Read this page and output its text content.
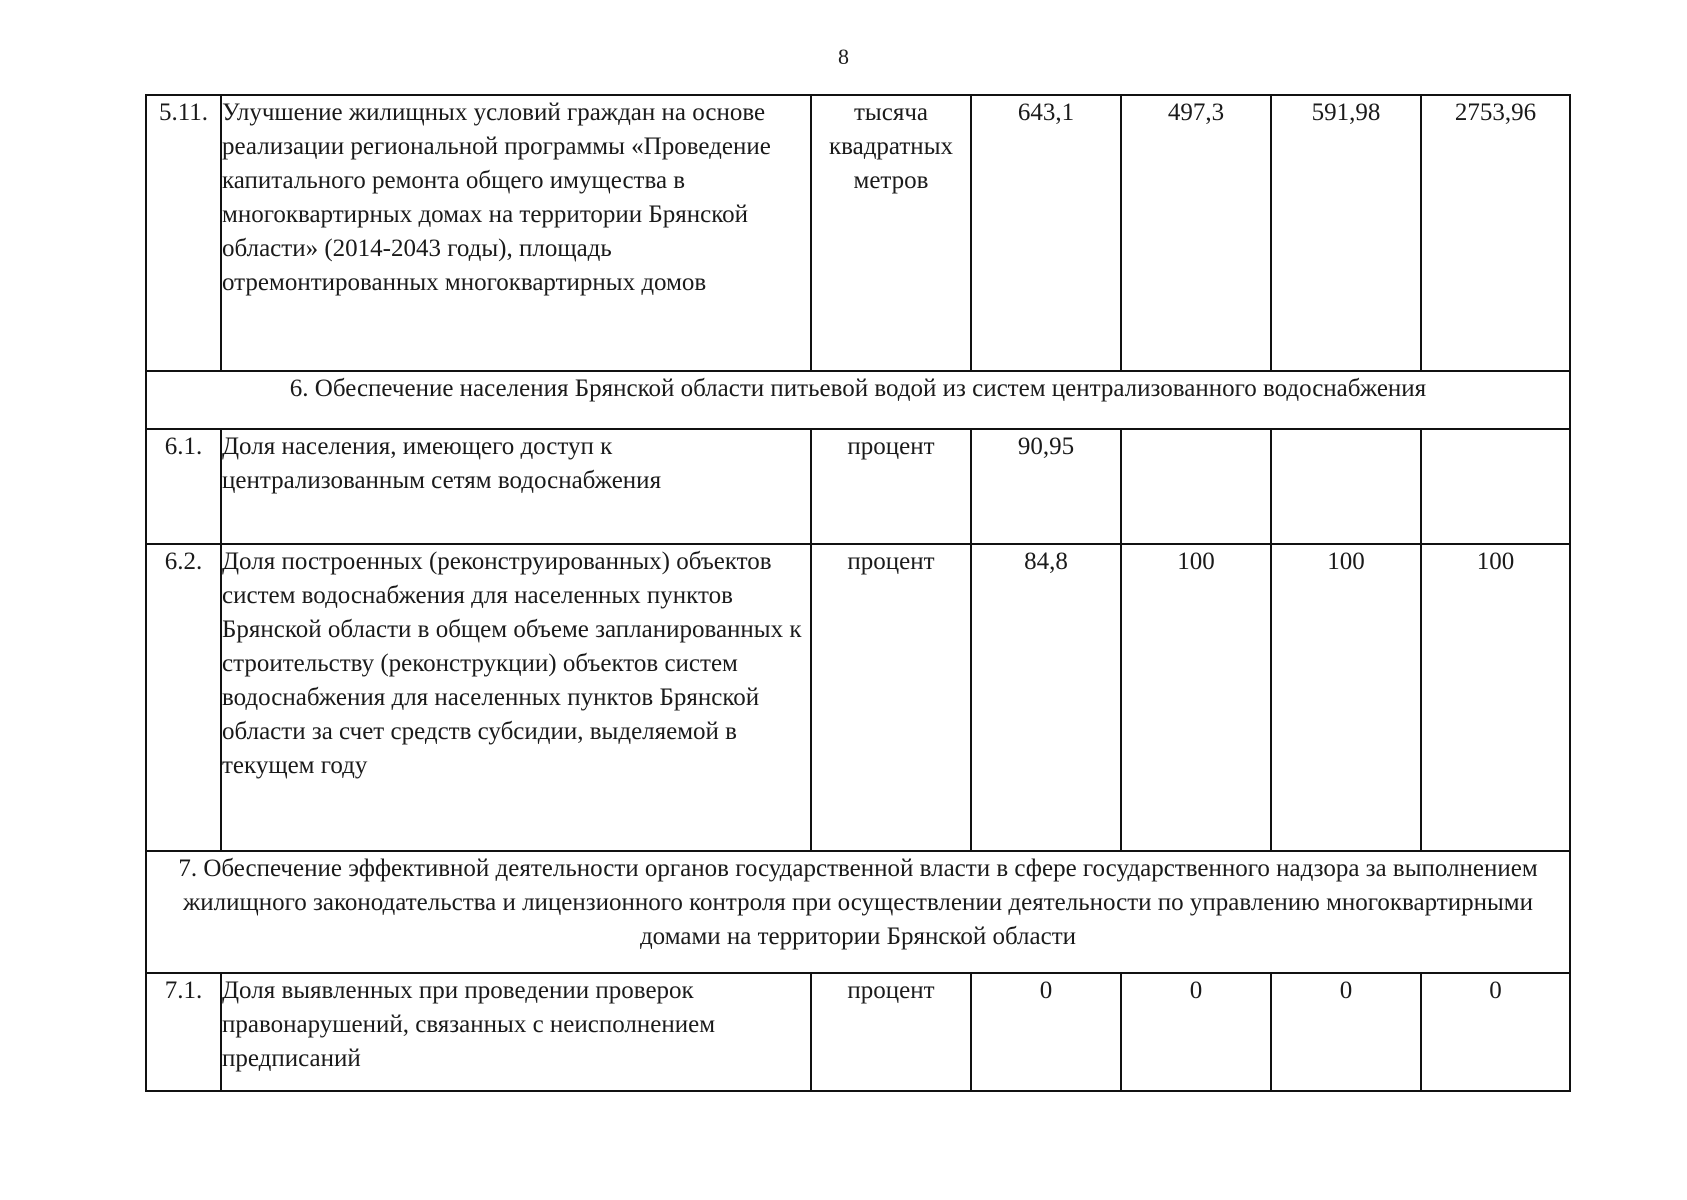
8
5.11.	Улучшение жилищных условий граждан на основе реализации региональной программы «Проведение капитального ремонта общего имущества в многоквартирных домах на территории Брянской области» (2014-2043 годы), площадь отремонтированных многоквартирных домов	тысяча квадратных метров	643,1	497,3	591,98	2753,96
6. Обеспечение населения Брянской области питьевой водой из систем централизованного водоснабжения						
6.1.	Доля населения, имеющего доступ к централизованным сетям водоснабжения	процент	90,95			
6.2.	Доля построенных (реконструированных) объектов систем водоснабжения для населенных пунктов Брянской области в общем объеме запланированных к строительству (реконструкции) объектов систем водоснабжения для населенных пунктов Брянской области за счет средств субсидии, выделяемой в текущем году	процент	84,8	100	100	100
7. Обеспечение эффективной деятельности органов государственной власти в сфере государственного надзора за выполнением жилищного законодательства и лицензионного контроля при осуществлении деятельности по управлению многоквартирными домами на территории Брянской области						
7.1.	Доля выявленных при проведении проверок правонарушений, связанных с неисполнением предписаний	процент	0	0	0	0
